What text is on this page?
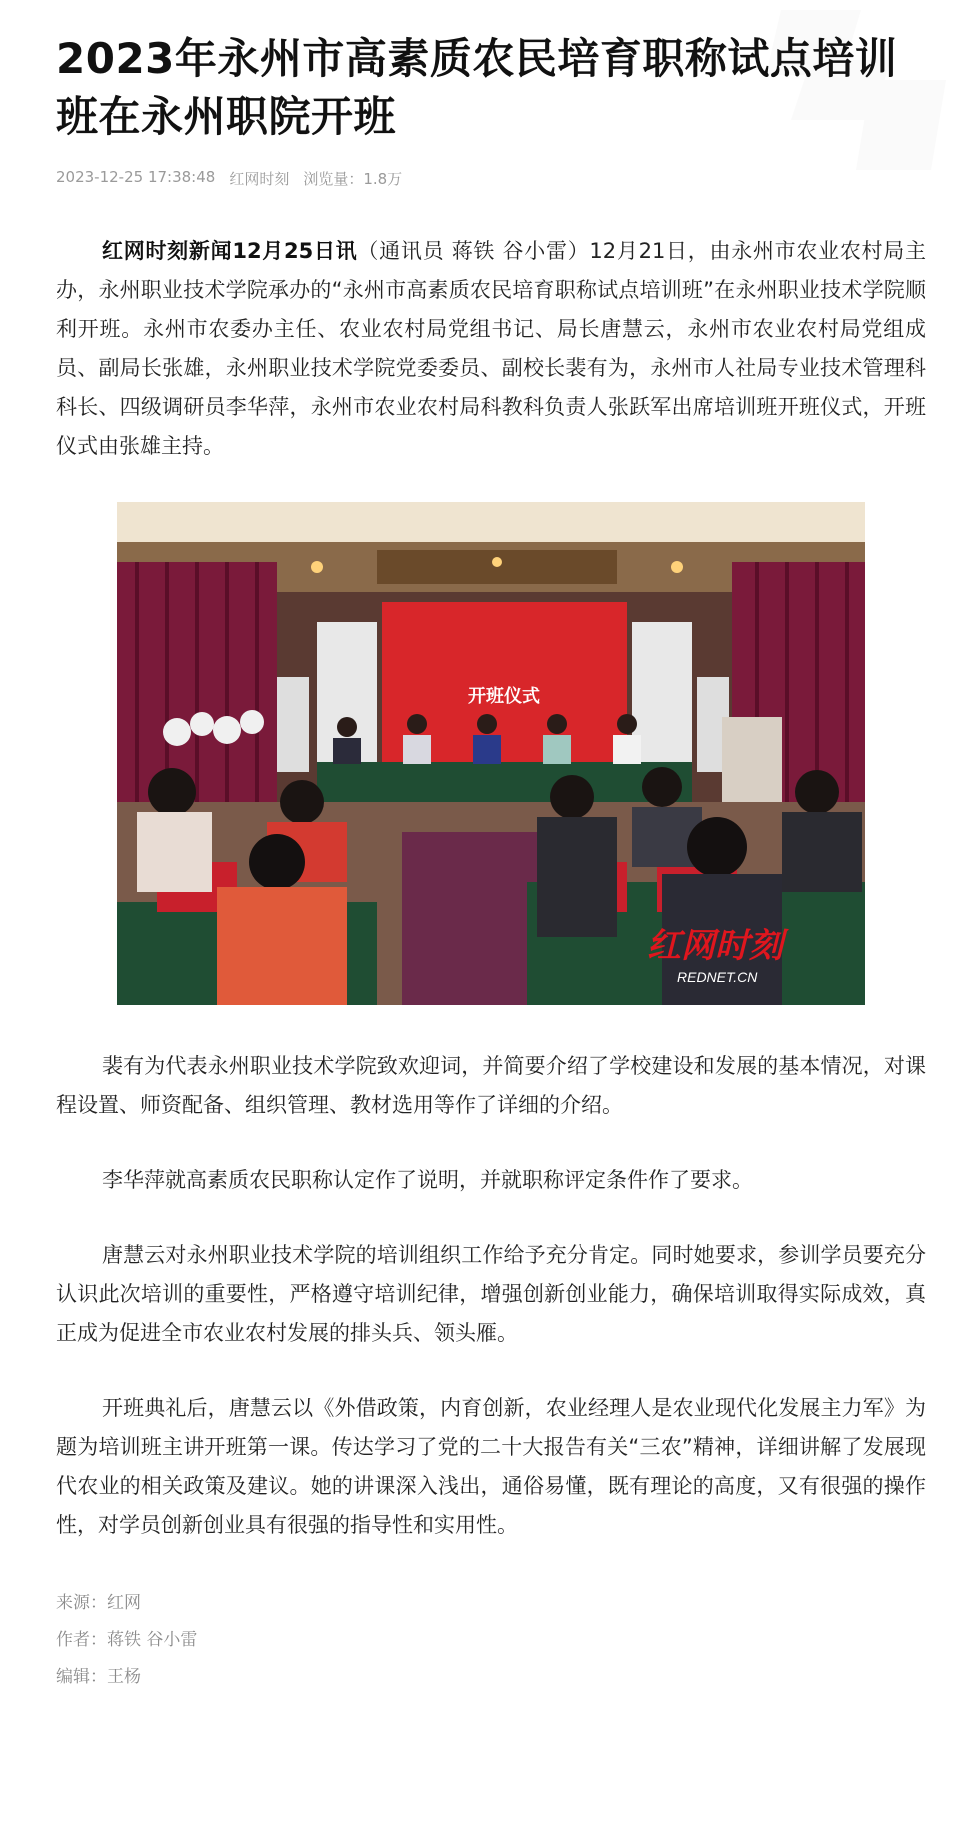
2023年永州市高素质农民培育职称试点培训班在永州职院开班
2023-12-25 17:38:48 红网时刻 浏览量：1.8万

红网时刻新闻12月25日讯（通讯员 蒋铁 谷小雷）12月21日，由永州市农业农村局主办，永州职业技术学院承办的“永州市高素质农民培育职称试点培训班”在永州职业技术学院顺利开班。永州市农委办主任、农业农村局党组书记、局长唐慧云，永州市农业农村局党组成员、副局长张雄，永州职业技术学院党委委员、副校长裴有为，永州市人社局专业技术管理科科长、四级调研员李华萍，永州市农业农村局科教科负责人张跃军出席培训班开班仪式，开班仪式由张雄主持。

开班仪式
红网时刻
REDNET.CN

裴有为代表永州职业技术学院致欢迎词，并简要介绍了学校建设和发展的基本情况，对课程设置、师资配备、组织管理、教材选用等作了详细的介绍。

李华萍就高素质农民职称认定作了说明，并就职称评定条件作了要求。

唐慧云对永州职业技术学院的培训组织工作给予充分肯定。同时她要求，参训学员要充分认识此次培训的重要性，严格遵守培训纪律，增强创新创业能力，确保培训取得实际成效，真正成为促进全市农业农村发展的排头兵、领头雁。

开班典礼后，唐慧云以《外借政策，内育创新，农业经理人是农业现代化发展主力军》为题为培训班主讲开班第一课。传达学习了党的二十大报告有关“三农”精神，详细讲解了发展现代农业的相关政策及建议。她的讲课深入浅出，通俗易懂，既有理论的高度，又有很强的操作性，对学员创新创业具有很强的指导性和实用性。

来源：红网
作者：蒋铁 谷小雷
编辑：王杨
